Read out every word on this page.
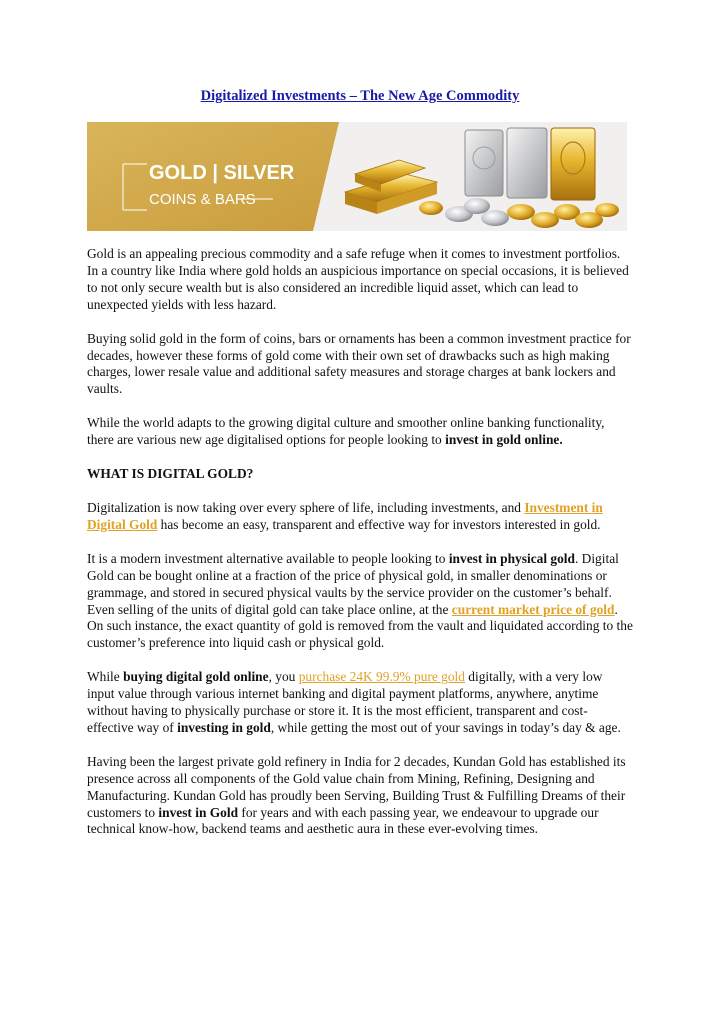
Digitalized Investments – The New Age Commodity
GOLD | SILVER
COINS & BARS

Gold is an appealing precious commodity and a safe refuge when it comes to investment portfolios. In a country like India where gold holds an auspicious importance on special occasions, it is believed to not only secure wealth but is also considered an incredible liquid asset, which can lead to unexpected yields with less hazard.

Buying solid gold in the form of coins, bars or ornaments has been a common investment practice for decades, however these forms of gold come with their own set of drawbacks such as high making charges, lower resale value and additional safety measures and storage charges at bank lockers and vaults.

While the world adapts to the growing digital culture and smoother online banking functionality, there are various new age digitalised options for people looking to invest in gold online.

WHAT IS DIGITAL GOLD?

Digitalization is now taking over every sphere of life, including investments, and Investment in Digital Gold has become an easy, transparent and effective way for investors interested in gold.

It is a modern investment alternative available to people looking to invest in physical gold. Digital Gold can be bought online at a fraction of the price of physical gold, in smaller denominations or grammage, and stored in secured physical vaults by the service provider on the customer’s behalf. Even selling of the units of digital gold can take place online, at the current market price of gold. On such instance, the exact quantity of gold is removed from the vault and liquidated according to the customer’s preference into liquid cash or physical gold.

While buying digital gold online, you purchase 24K 99.9% pure gold digitally, with a very low input value through various internet banking and digital payment platforms, anywhere, anytime without having to physically purchase or store it. It is the most efficient, transparent and cost-effective way of investing in gold, while getting the most out of your savings in today’s day & age.

Having been the largest private gold refinery in India for 2 decades, Kundan Gold has established its presence across all components of the Gold value chain from Mining, Refining, Designing and Manufacturing. Kundan Gold has proudly been Serving, Building Trust & Fulfilling Dreams of their customers to invest in Gold for years and with each passing year, we endeavour to upgrade our technical know-how, backend teams and aesthetic aura in these ever-evolving times.
